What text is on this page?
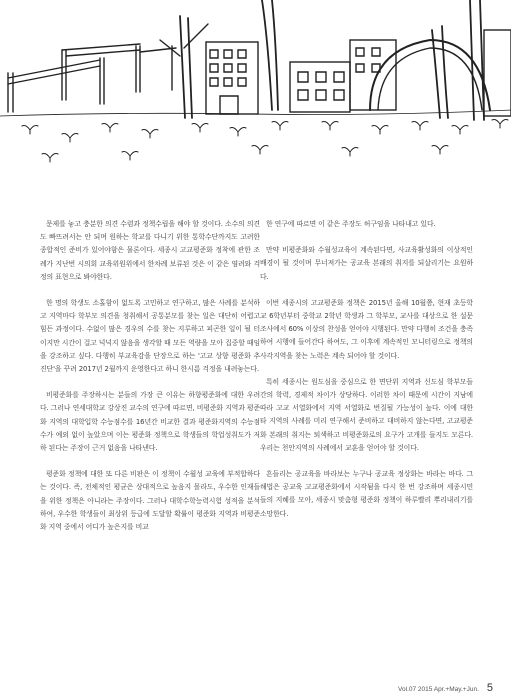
문제를 놓고 충분한 의견 수렴과 정책수립을 해야 할 것이다. 소수의 의견도 빠뜨려서는 안 되며 원하는 학교를 다니기 위한 통학수단까지도 고려한 종합적인 준비가 있어야함은 물론이다. 세종시 고교평준화 정착에 관한 조례가 지난번 시의회 교육위원위에서 한차례 보류된 것은 이 같은 염려와 걱정의 표현으로 봐야한다.

한 명의 학생도 소홀함이 없도록 고민하고 연구하고, 많은 사례를 분석하고 지역마다 학부모 의견을 청취해서 공통분모를 찾는 일은 대단히 어렵고 힘든 과정이다. 수없이 많은 경우의 수를 찾는 지루하고 피곤한 일이 될 터이지만 시간이 걸고 넉넉지 않음을 생각할 때 모든 역량을 모아 집중할 때임을 강조하고 싶다. 다행히 부교육감을 단장으로 하는 '고교 상향 평준화 추진단'을 꾸려 2017년 2월까지 운영한다고 하니 한시름 걱정을 내려놓는다.

비평준화를 주장하시는 분들의 가장 큰 이유는 하향평준화에 대한 우려다. 그러나 연세대학교 강상진 교수의 연구에 따르면, 비평준화 지역과 평준화 지역의 대학입학 수능점수를 16년간 비교한 결과 평준화지역의 수능점수가 예외 없이 높았으며 이는 평준화 정책으로 학생들의 학업성취도가 저하 된다는 주장이 근거 없음을 나타낸다.

평준화 정책에 대한 또 다른 비판은 이 정책이 수월성 교육에 부적합하다는 것이다. 즉, 전체적인 평균은 상대적으로 높음지 몰라도, 우수한 인재들을 위한 정책은 아니라는 주장이다. 그러나 대학수학능력시험 성적을 분석하여, 우수한 학생들이 최상위 등급에 도달할 확률이 평준화 지역과 비평준화 지역 중에서 어디가 높은지를 비교

한 연구에 따르면 이 같은 주장도 허구임을 나타내고 있다.

만약 비평준화와 수월성교육이 계속된다면, 사교육활성화의 이상적인 배경이 될 것이며 무너져가는 공교육 본래의 취지를 되살리기는 요원하다.

이번 세종시의 고교평준화 정책은 2015년 올해 10월쯤, 현재 초등학교 6학년부터 중학교 2학년 학생과 그 학부모, 교사를 대상으로 한 설문조사에서 60% 이상의 찬성을 얻어야 시행된다. 만약 다행히 조건을 충족하여 시행에 들어간다 하여도, 그 이후에 계속적인 모니터링으로 정책의 사각지역을 찾는 노력은 계속 되어야 할 것이다.

특히 세종시는 원도심을 중심으로 한 면단위 지역과 신도심 학부모들 간의 학력, 경제적 차이가 상당하다. 이러한 차이 때문에 시간이 지남에 따라 고교 서열화에서 지역 서열화로 번질될 가능성이 높다. 이에 대한 타 지역의 사례를 미리 연구해서 준비하고 대비하지 않는다면, 고교평준화 본래의 취지는 퇴색하고 비평준화로의 요구가 고개를 들지도 모른다. 우리는 천안지역의 사례에서 교훈을 얻어야 할 것이다.

흔들리는 공교육을 바라보는 누구나 공교육 정상화는 바라는 바다. 그 해법은 공교육 고교평준화에서 시작됨을 다시 한 번 강조하며 세종시민들의 지혜를 모아, 세종시 맞춤형 평준화 정책이 하루빨리 뿌리내리기를 소망한다.

Vol.07 2015 Apr.+May.+Jun. 5
